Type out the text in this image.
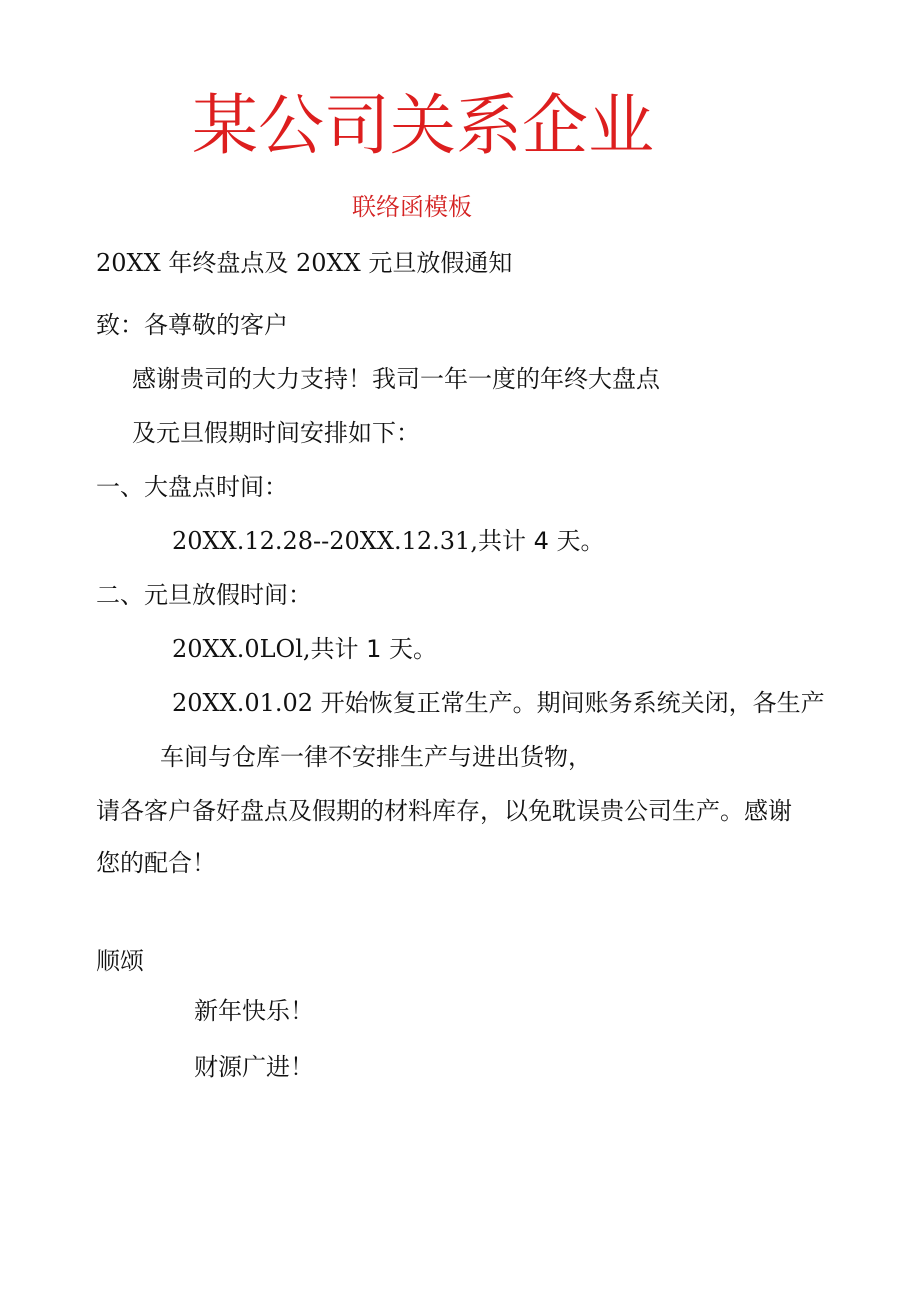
某公司关系企业
联络函模板
20XX 年终盘点及 20XX 元旦放假通知
致：各尊敬的客户
感谢贵司的大力支持！我司一年一度的年终大盘点
及元旦假期时间安排如下：
一、大盘点时间：
20XX.12.28--20XX.12.31,共计 4 天。
二、元旦放假时间：
20XX.0LOl,共计 1 天。
20XX.01.02 开始恢复正常生产。期间账务系统关闭，各生产
车间与仓库一律不安排生产与进出货物，
请各客户备好盘点及假期的材料库存，以免耽误贵公司生产。感谢
您的配合！
顺颂
新年快乐！
财源广进！
